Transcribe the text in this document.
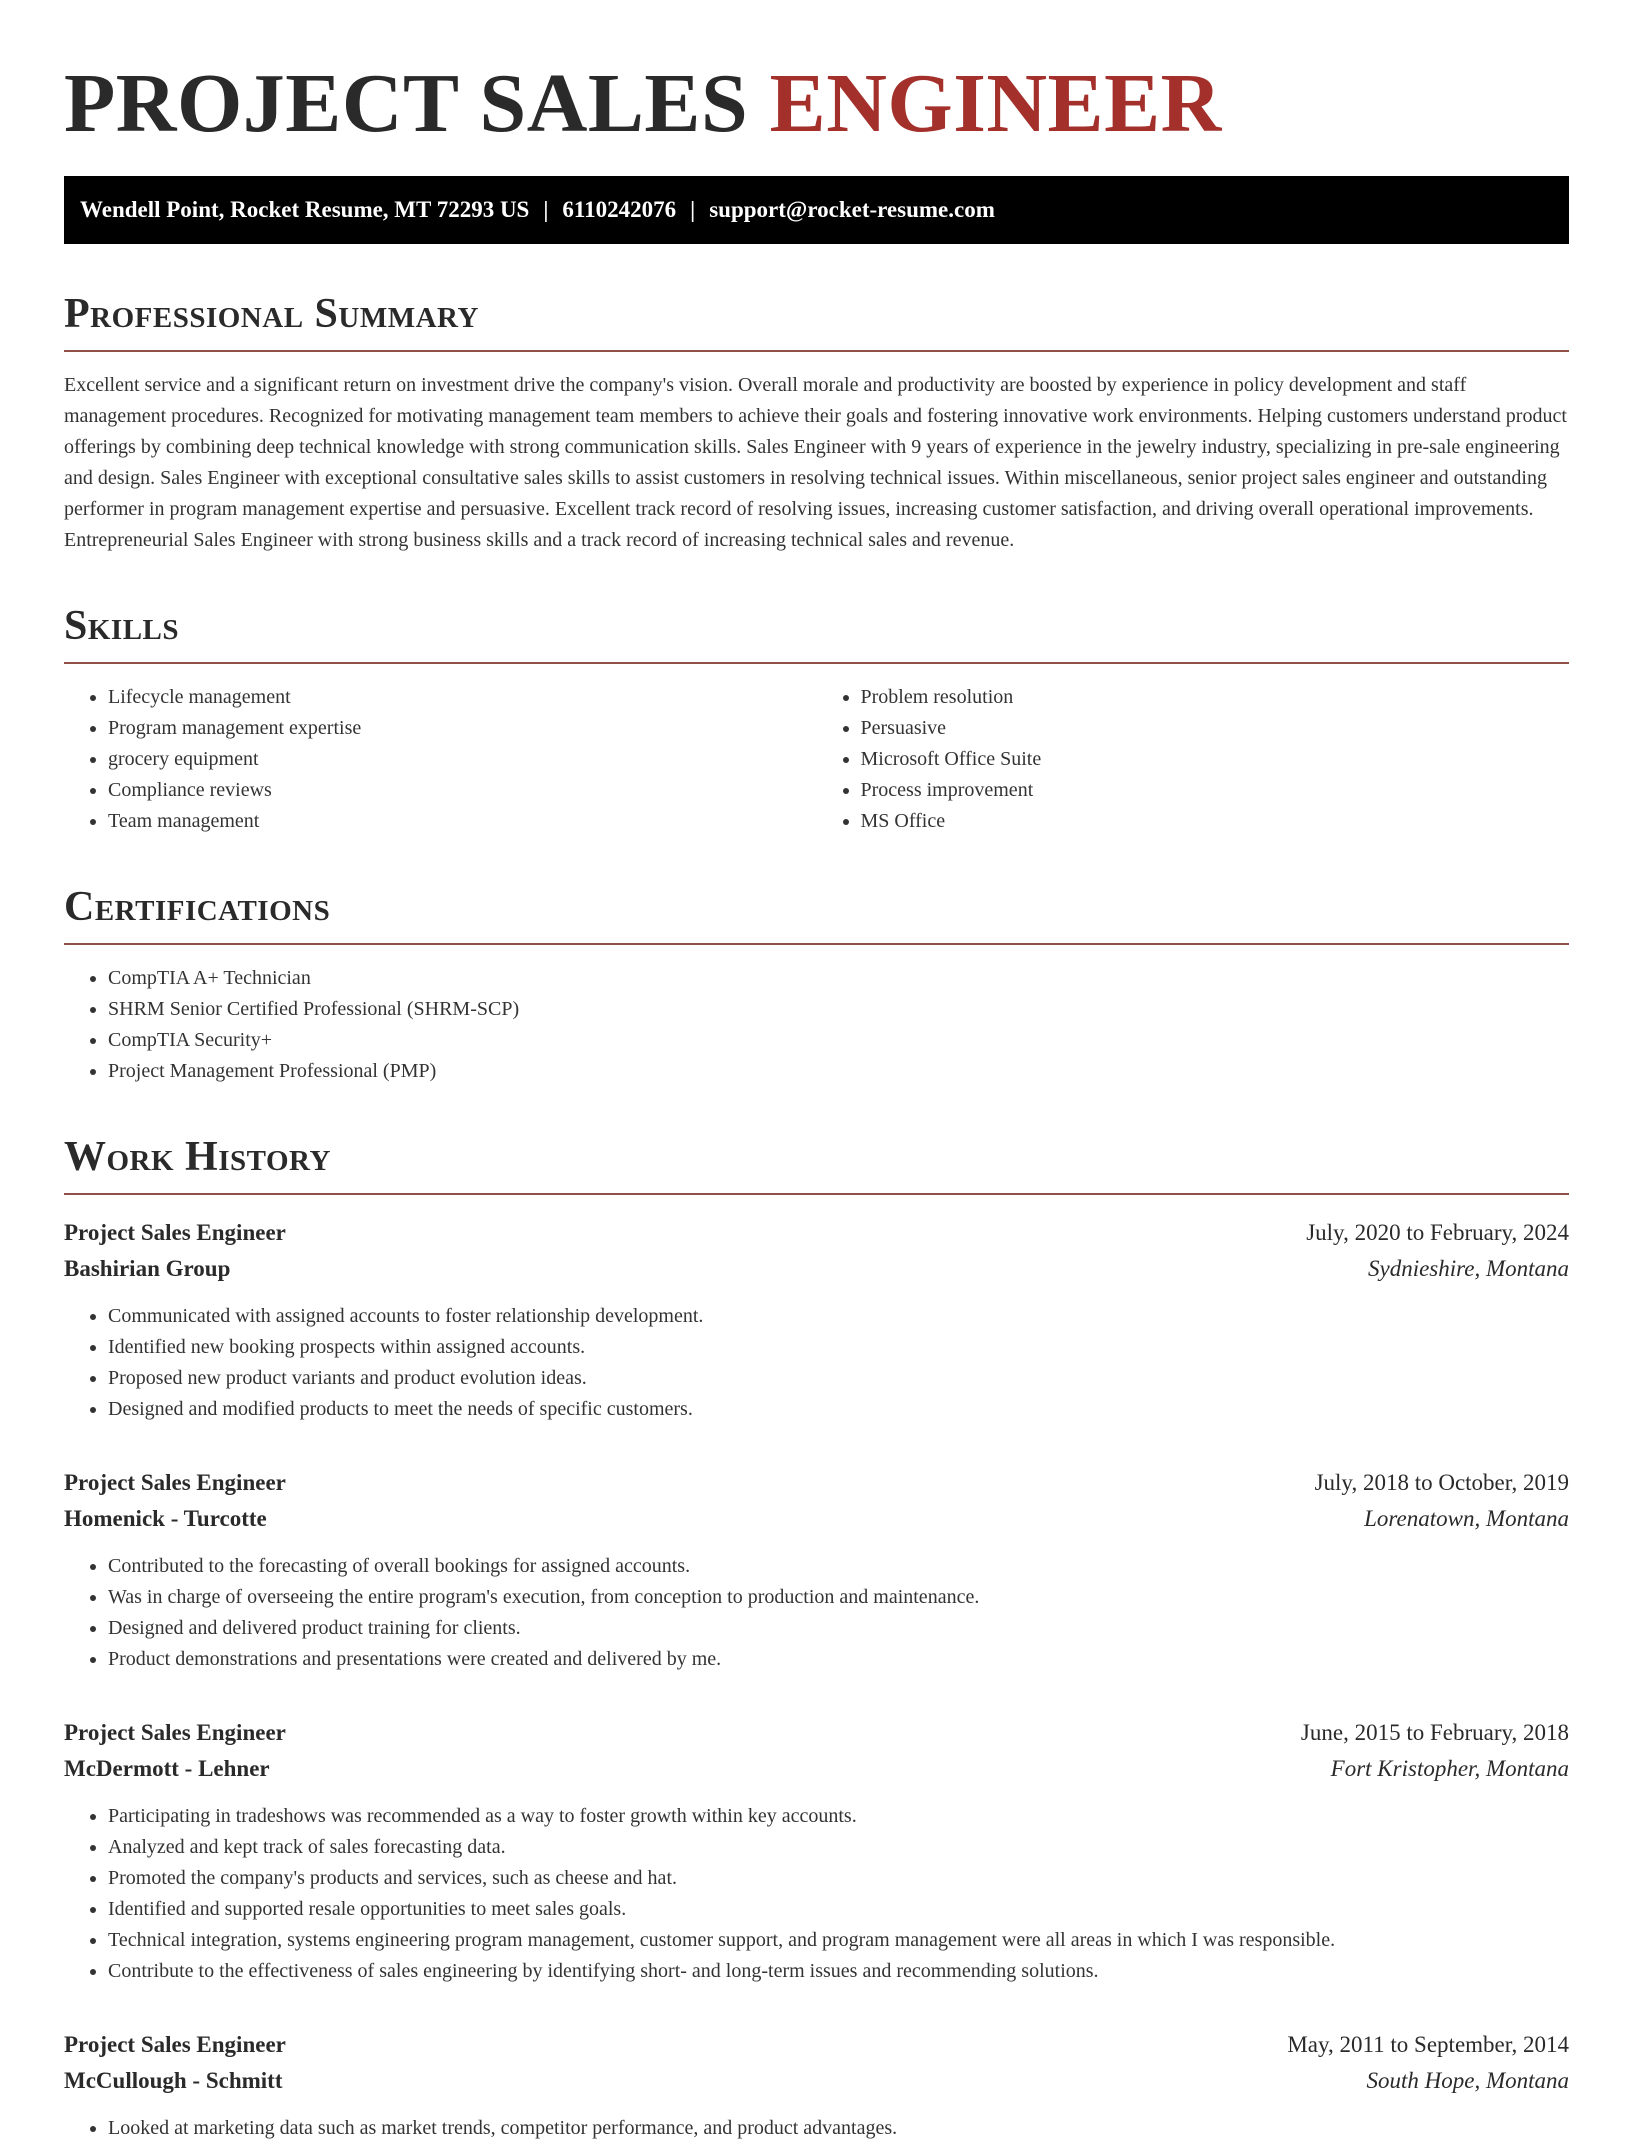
PROJECT SALES ENGINEER
Wendell Point, Rocket Resume, MT 72293 US | 6110242076 | support@rocket-resume.com
Professional Summary

Excellent service and a significant return on investment drive the company's vision. Overall morale and productivity are boosted by experience in policy development and staff management procedures. Recognized for motivating management team members to achieve their goals and fostering innovative work environments. Helping customers understand product offerings by combining deep technical knowledge with strong communication skills. Sales Engineer with 9 years of experience in the jewelry industry, specializing in pre-sale engineering and design. Sales Engineer with exceptional consultative sales skills to assist customers in resolving technical issues. Within miscellaneous, senior project sales engineer and outstanding performer in program management expertise and persuasive. Excellent track record of resolving issues, increasing customer satisfaction, and driving overall operational improvements. Entrepreneurial Sales Engineer with strong business skills and a track record of increasing technical sales and revenue.

Skills
• Lifecycle management
• Program management expertise
• grocery equipment
• Compliance reviews
• Team management
• Problem resolution
• Persuasive
• Microsoft Office Suite
• Process improvement
• MS Office
Certifications
• CompTIA A+ Technician
• SHRM Senior Certified Professional (SHRM-SCP)
• CompTIA Security+
• Project Management Professional (PMP)
Work History
Project Sales Engineer	July, 2020 to February, 2024
Bashirian Group	Sydnieshire, Montana
• Communicated with assigned accounts to foster relationship development.
• Identified new booking prospects within assigned accounts.
• Proposed new product variants and product evolution ideas.
• Designed and modified products to meet the needs of specific customers.
Project Sales Engineer	July, 2018 to October, 2019
Homenick - Turcotte	Lorenatown, Montana
• Contributed to the forecasting of overall bookings for assigned accounts.
• Was in charge of overseeing the entire program's execution, from conception to production and maintenance.
• Designed and delivered product training for clients.
• Product demonstrations and presentations were created and delivered by me.
Project Sales Engineer	June, 2015 to February, 2018
McDermott - Lehner	Fort Kristopher, Montana
• Participating in tradeshows was recommended as a way to foster growth within key accounts.
• Analyzed and kept track of sales forecasting data.
• Promoted the company's products and services, such as cheese and hat.
• Identified and supported resale opportunities to meet sales goals.
• Technical integration, systems engineering program management, customer support, and program management were all areas in which I was responsible.
• Contribute to the effectiveness of sales engineering by identifying short- and long-term issues and recommending solutions.
Project Sales Engineer	May, 2011 to September, 2014
McCullough - Schmitt	South Hope, Montana
• Looked at marketing data such as market trends, competitor performance, and product advantages.
